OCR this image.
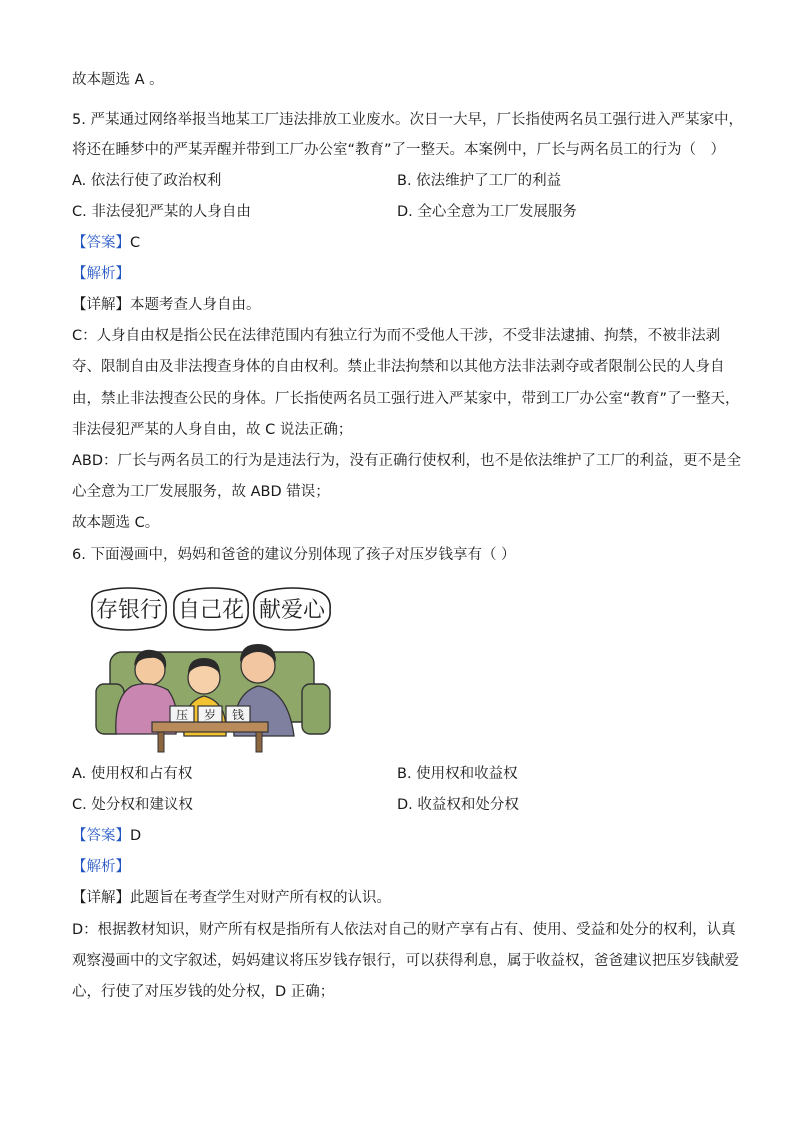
故本题选 A 。
5. 严某通过网络举报当地某工厂违法排放工业废水。次日一大早，厂长指使两名员工强行进入严某家中，
将还在睡梦中的严某弄醒并带到工厂办公室“教育”了一整天。本案例中，厂长与两名员工的行为（　）
A. 依法行使了政治权利	B. 依法维护了工厂的利益
C. 非法侵犯严某的人身自由	D. 全心全意为工厂发展服务
【答案】C
【解析】
【详解】本题考查人身自由。
C：人身自由权是指公民在法律范围内有独立行为而不受他人干涉，不受非法逮捕、拘禁，不被非法剥
夺、限制自由及非法搜查身体的自由权利。禁止非法拘禁和以其他方法非法剥夺或者限制公民的人身自
由，禁止非法搜查公民的身体。厂长指使两名员工强行进入严某家中，带到工厂办公室“教育”了一整天，
非法侵犯严某的人身自由，故 C 说法正确；
ABD：厂长与两名员工的行为是违法行为，没有正确行使权利，也不是依法维护了工厂的利益，更不是全
心全意为工厂发展服务，故 ABD 错误；
故本题选 C。
6. 下面漫画中，妈妈和爸爸的建议分别体现了孩子对压岁钱享有（ ）
存银行 自己花 献爱心
压 岁 钱
A. 使用权和占有权	B. 使用权和收益权
C. 处分权和建议权	D. 收益权和处分权
【答案】D
【解析】
【详解】此题旨在考查学生对财产所有权的认识。
D：根据教材知识，财产所有权是指所有人依法对自己的财产享有占有、使用、受益和处分的权利，认真
观察漫画中的文字叙述，妈妈建议将压岁钱存银行，可以获得利息，属于收益权，爸爸建议把压岁钱献爱
心，行使了对压岁钱的处分权，D 正确；
